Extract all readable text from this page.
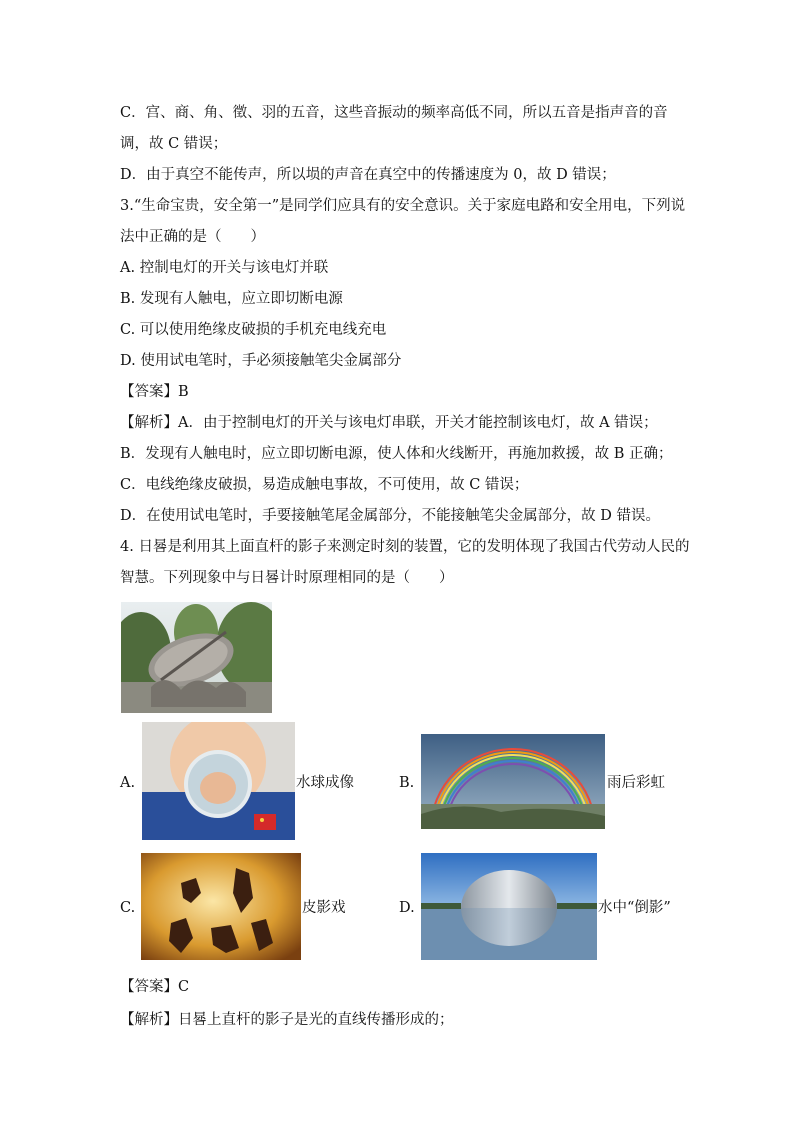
C．宫、商、角、徵、羽的五音，这些音振动的频率高低不同，所以五音是指声音的音
调，故 C 错误；
D．由于真空不能传声，所以埙的声音在真空中的传播速度为 0，故 D 错误；
3.“生命宝贵，安全第一”是同学们应具有的安全意识。关于家庭电路和安全用电，下列说
法中正确的是（　　）
A. 控制电灯的开关与该电灯并联
B. 发现有人触电，应立即切断电源
C. 可以使用绝缘皮破损的手机充电线充电
D. 使用试电笔时，手必须接触笔尖金属部分
【答案】B
【解析】A．由于控制电灯的开关与该电灯串联，开关才能控制该电灯，故 A 错误；
B．发现有人触电时，应立即切断电源，使人体和火线断开，再施加救援，故 B 正确；
C．电线绝缘皮破损，易造成触电事故，不可使用，故 C 错误；
D．在使用试电笔时，手要接触笔尾金属部分，不能接触笔尖金属部分，故 D 错误。
4. 日晷是利用其上面直杆的影子来测定时刻的装置，它的发明体现了我国古代劳动人民的
智慧。下列现象中与日晷计时原理相同的是（　　）
A.	水球成像	B.	雨后彩虹
C.	皮影戏	D.	水中“倒影”
【答案】C
【解析】日晷上直杆的影子是光的直线传播形成的；
